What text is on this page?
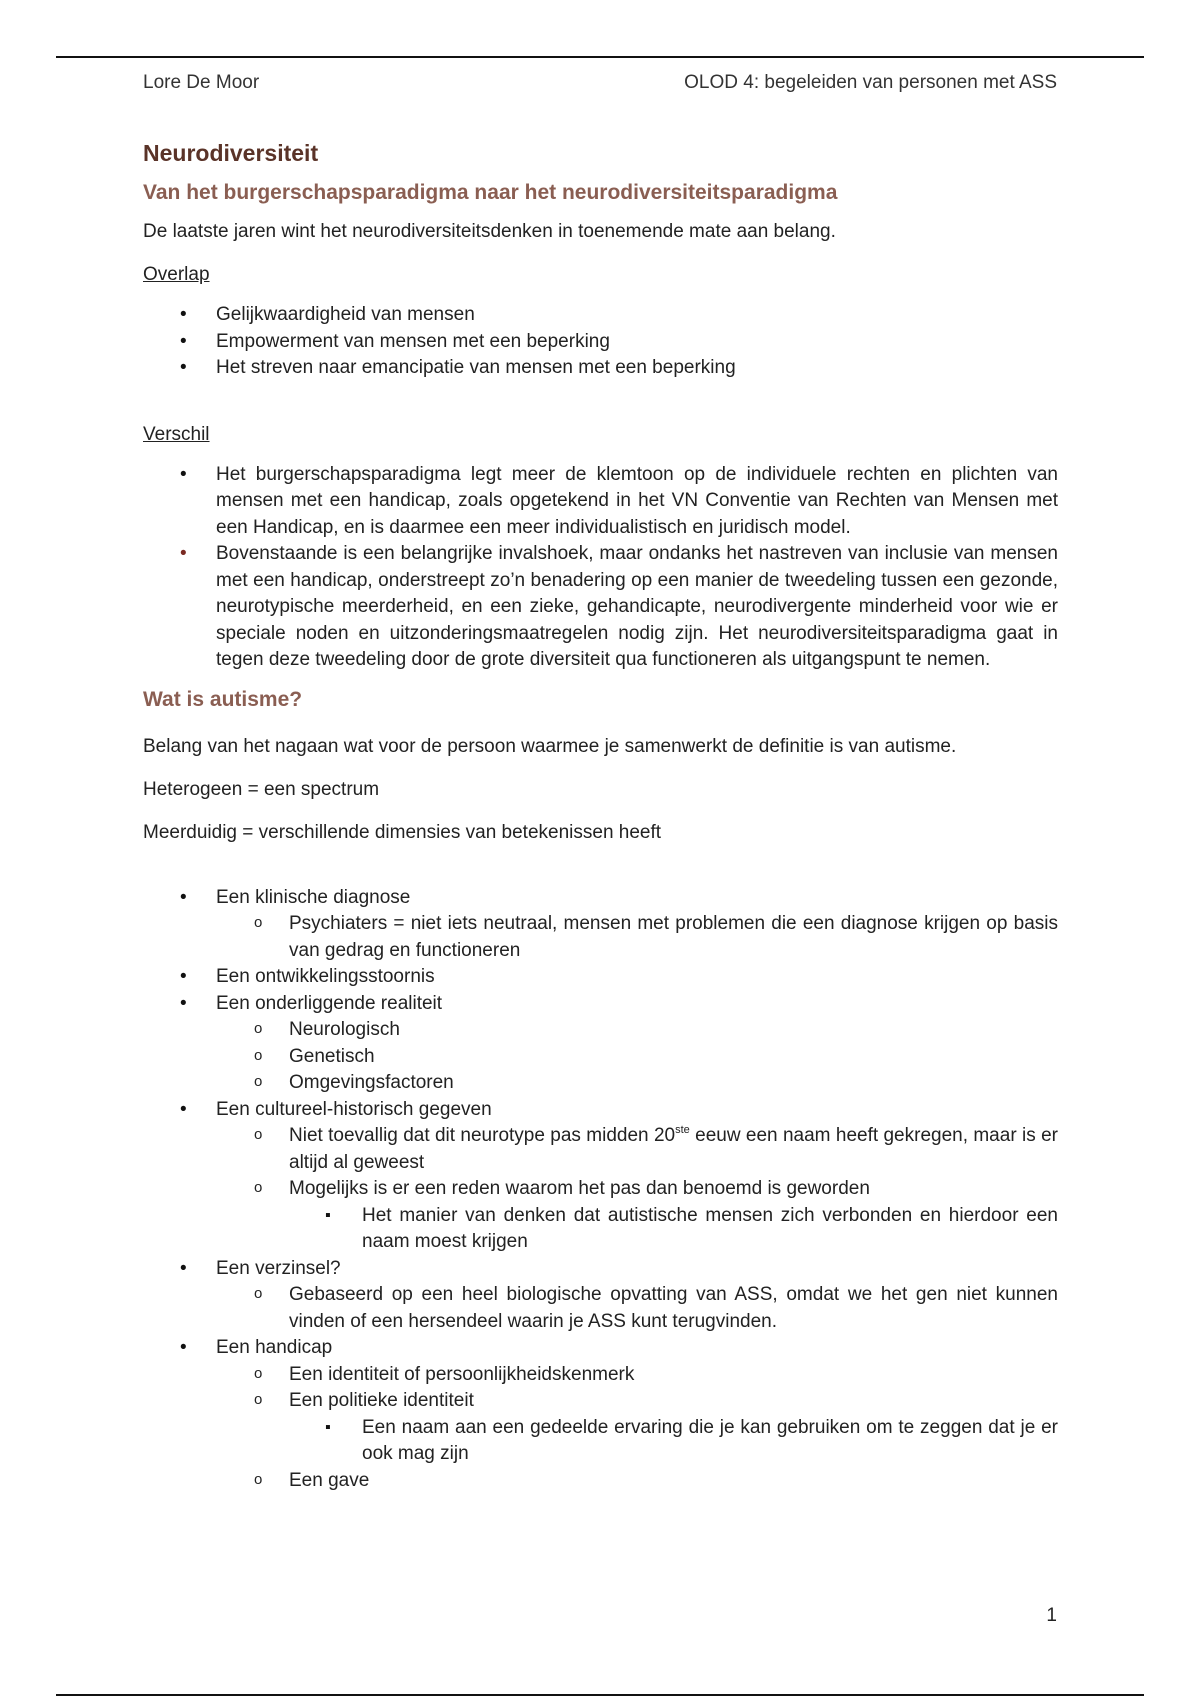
Lore De Moor	OLOD 4: begeleiden van personen met ASS
Neurodiversiteit
Van het burgerschapsparadigma naar het neurodiversiteitsparadigma

De laatste jaren wint het neurodiversiteitsdenken in toenemende mate aan belang.

Overlap

• Gelijkwaardigheid van mensen
• Empowerment van mensen met een beperking
• Het streven naar emancipatie van mensen met een beperking

Verschil

• Het burgerschapsparadigma legt meer de klemtoon op de individuele rechten en plichten van mensen met een handicap, zoals opgetekend in het VN Conventie van Rechten van Mensen met een Handicap, en is daarmee een meer individualistisch en juridisch model.
• Bovenstaande is een belangrijke invalshoek, maar ondanks het nastreven van inclusie van mensen met een handicap, onderstreept zo’n benadering op een manier de tweedeling tussen een gezonde, neurotypische meerderheid, en een zieke, gehandicapte, neurodivergente minderheid voor wie er speciale noden en uitzonderingsmaatregelen nodig zijn. Het neurodiversiteitsparadigma gaat in tegen deze tweedeling door de grote diversiteit qua functioneren als uitgangspunt te nemen.
Wat is autisme?

Belang van het nagaan wat voor de persoon waarmee je samenwerkt de definitie is van autisme.

Heterogeen = een spectrum

Meerduidig = verschillende dimensies van betekenissen heeft

• Een klinische diagnose
o Psychiaters = niet iets neutraal, mensen met problemen die een diagnose krijgen op basis van gedrag en functioneren
• Een ontwikkelingsstoornis
• Een onderliggende realiteit
o Neurologisch
o Genetisch
o Omgevingsfactoren
• Een cultureel-historisch gegeven
o Niet toevallig dat dit neurotype pas midden 20ste eeuw een naam heeft gekregen, maar is er altijd al geweest
o Mogelijks is er een reden waarom het pas dan benoemd is geworden
▪ Het manier van denken dat autistische mensen zich verbonden en hierdoor een naam moest krijgen
• Een verzinsel?
o Gebaseerd op een heel biologische opvatting van ASS, omdat we het gen niet kunnen vinden of een hersendeel waarin je ASS kunt terugvinden.
• Een handicap
o Een identiteit of persoonlijkheidskenmerk
o Een politieke identiteit
▪ Een naam aan een gedeelde ervaring die je kan gebruiken om te zeggen dat je er ook mag zijn
o Een gave
1
